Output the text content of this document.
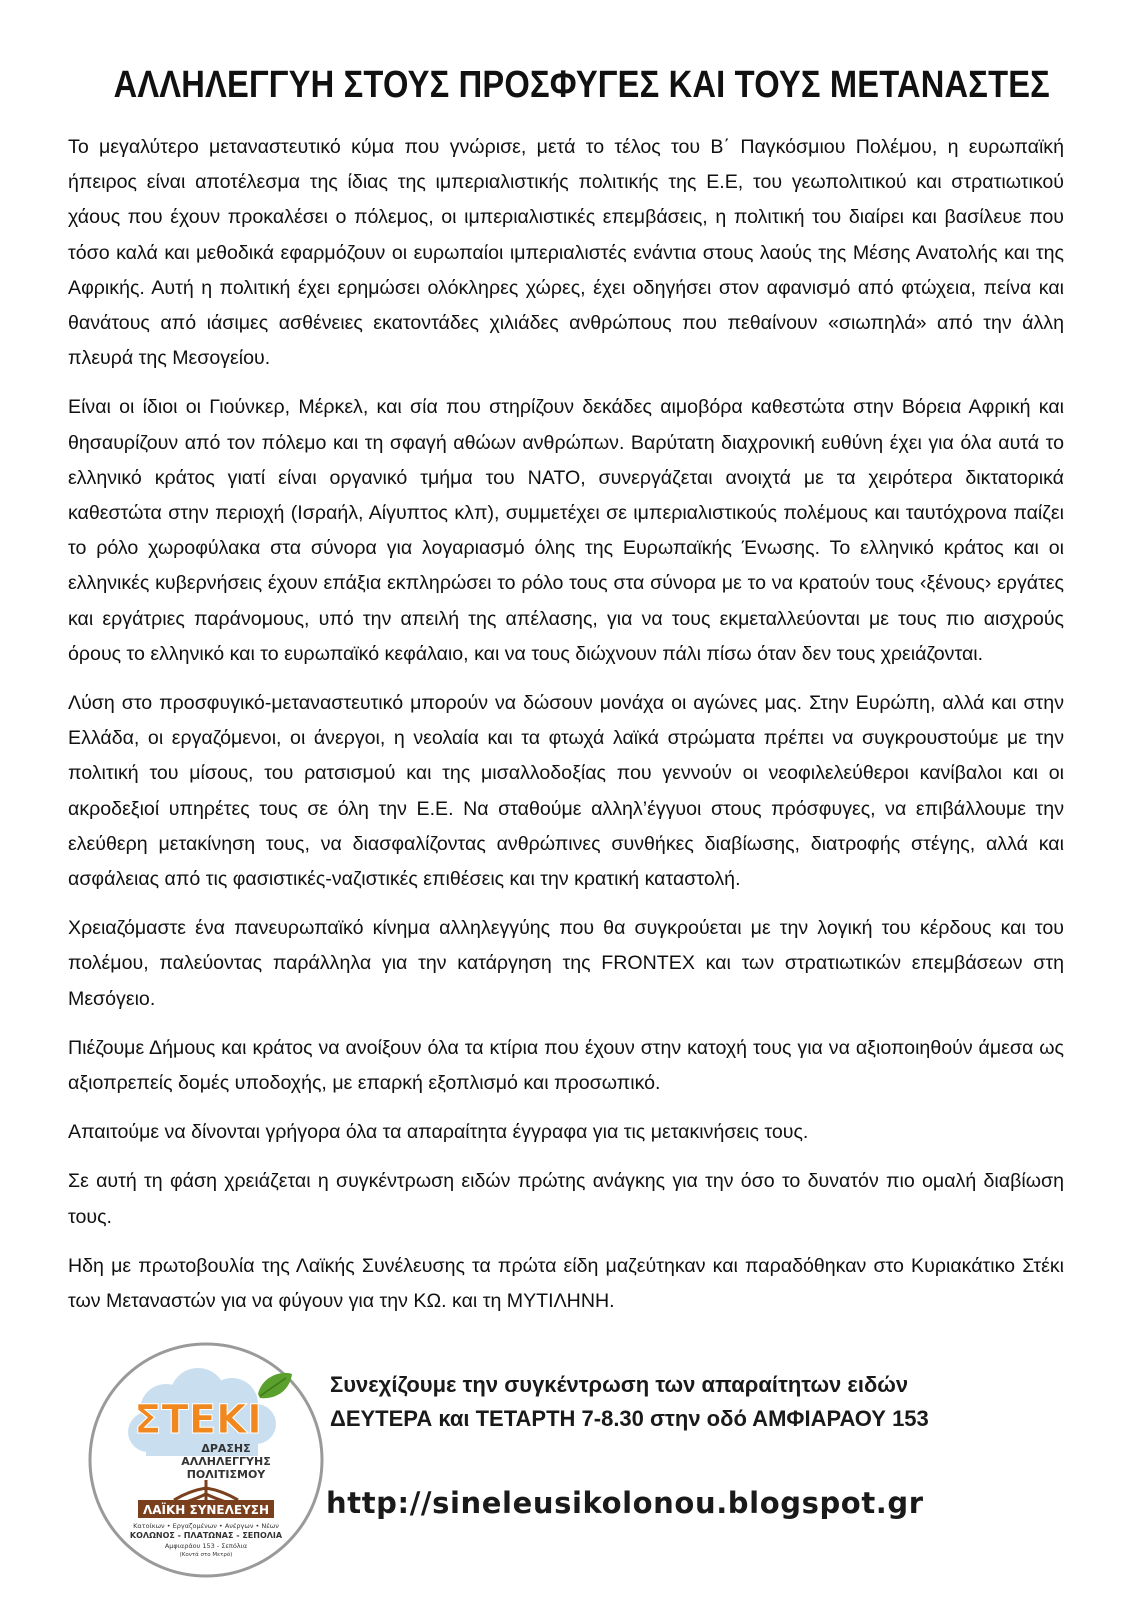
ΑΛΛΗΛΕΓΓΥΗ ΣΤΟΥΣ ΠΡΟΣΦΥΓΕΣ ΚΑΙ ΤΟΥΣ ΜΕΤΑΝΑΣΤΕΣ

Το μεγαλύτερο μεταναστευτικό κύμα που γνώρισε, μετά το τέλος του Β΄ Παγκόσμιου Πολέμου, η ευρωπαϊκή ήπειρος είναι αποτέλεσμα της ίδιας της ιμπεριαλιστικής πολιτικής της Ε.Ε, του γεωπολιτικού και στρατιωτικού χάους που έχουν προκαλέσει ο πόλεμος, οι ιμπεριαλιστικές επεμβάσεις, η πολιτική του διαίρει και βασίλευε που τόσο καλά και μεθοδικά εφαρμόζουν οι ευρωπαίοι ιμπεριαλιστές ενάντια στους λαούς της Μέσης Ανατολής και της Αφρικής. Αυτή η πολιτική έχει ερημώσει ολόκληρες χώρες, έχει οδηγήσει στον αφανισμό από φτώχεια, πείνα και θανάτους από ιάσιμες ασθένειες εκατοντάδες χιλιάδες ανθρώπους που πεθαίνουν «σιωπηλά» από την άλλη πλευρά της Μεσογείου.

Είναι οι ίδιοι οι Γιούνκερ, Μέρκελ, και σία που στηρίζουν δεκάδες αιμοβόρα καθεστώτα στην Βόρεια Αφρική και θησαυρίζουν από τον πόλεμο και τη σφαγή αθώων ανθρώπων. Βαρύτατη διαχρονική ευθύνη έχει για όλα αυτά το ελληνικό κράτος γιατί είναι οργανικό τμήμα του ΝΑΤΟ, συνεργάζεται ανοιχτά με τα χειρότερα δικτατορικά καθεστώτα στην περιοχή (Ισραήλ, Αίγυπτος κλπ), συμμετέχει σε ιμπεριαλιστικούς πολέμους και ταυτόχρονα παίζει το ρόλο χωροφύλακα στα σύνορα για λογαριασμό όλης της Ευρωπαϊκής Ένωσης. Το ελληνικό κράτος και οι ελληνικές κυβερνήσεις έχουν επάξια εκπληρώσει το ρόλο τους στα σύνορα με το να κρατούν τους ‹ξένους› εργάτες και εργάτριες παράνομους, υπό την απειλή της απέλασης, για να τους εκμεταλλεύονται με τους πιο αισχρούς όρους το ελληνικό και το ευρωπαϊκό κεφάλαιο, και να τους διώχνουν πάλι πίσω όταν δεν τους χρειάζονται.

Λύση στο προσφυγικό-μεταναστευτικό μπορούν να δώσουν μονάχα οι αγώνες μας. Στην Ευρώπη, αλλά και στην Ελλάδα, οι εργαζόμενοι, οι άνεργοι, η νεολαία και τα φτωχά λαϊκά στρώματα πρέπει να συγκρουστούμε με την πολιτική του μίσους, του ρατσισμού και της μισαλλοδοξίας που γεννούν οι νεοφιλελεύθεροι κανίβαλοι και οι ακροδεξιοί υπηρέτες τους σε όλη την Ε.Ε. Να σταθούμε αλληλ’έγγυοι στους πρόσφυγες, να επιβάλλουμε την ελεύθερη μετακίνηση τους, να διασφαλίζοντας ανθρώπινες συνθήκες διαβίωσης, διατροφής στέγης, αλλά και ασφάλειας από τις φασιστικές-ναζιστικές επιθέσεις και την κρατική καταστολή.

Χρειαζόμαστε ένα πανευρωπαϊκό κίνημα αλληλεγγύης που θα συγκρούεται με την λογική του κέρδους και του πολέμου, παλεύοντας παράλληλα για την κατάργηση της FRONTEX και των στρατιωτικών επεμβάσεων στη Μεσόγειο.

Πιέζουμε Δήμους και κράτος να ανοίξουν όλα τα κτίρια που έχουν στην κατοχή τους για να αξιοποιηθούν άμεσα ως αξιοπρεπείς δομές υποδοχής, με επαρκή εξοπλισμό και προσωπικό.

Απαιτούμε να δίνονται γρήγορα όλα τα απαραίτητα έγγραφα για τις μετακινήσεις τους.

Σε αυτή τη φάση χρειάζεται η συγκέντρωση ειδών πρώτης ανάγκης για την όσο το δυνατόν πιο ομαλή διαβίωση τους.

Ηδη με πρωτοβουλία της Λαϊκής Συνέλευσης τα πρώτα είδη μαζεύτηκαν και παραδόθηκαν στο Κυριακάτικο Στέκι των Μεταναστών για να φύγουν για την ΚΩ. και τη ΜΥΤΙΛΗΝΗ.

ΣΤΕΚΙ
ΔΡΑΣΗΣ
ΑΛΛΗΛΕΓΓΥΗΣ
ΠΟΛΙΤΙΣΜΟΥ
ΛΑΪΚΗ ΣΥΝΕΛΕΥΣΗ
Κατοίκων • Εργαζομένων • Ανέργων • Νέων
ΚΟΛΩΝΟΣ - ΠΛΑΤΩΝΑΣ - ΣΕΠΟΛΙΑ
Αμφιαράου 153 - Σεπόλια
(Κοντά στο Μετρό)
Συνεχίζουμε την συγκέντρωση των απαραίτητων ειδών
ΔΕΥΤΕΡΑ και ΤΕΤΑΡΤΗ 7-8.30 στην οδό ΑΜΦΙΑΡΑΟΥ 153
http://sineleusikolonou.blogspot.gr
